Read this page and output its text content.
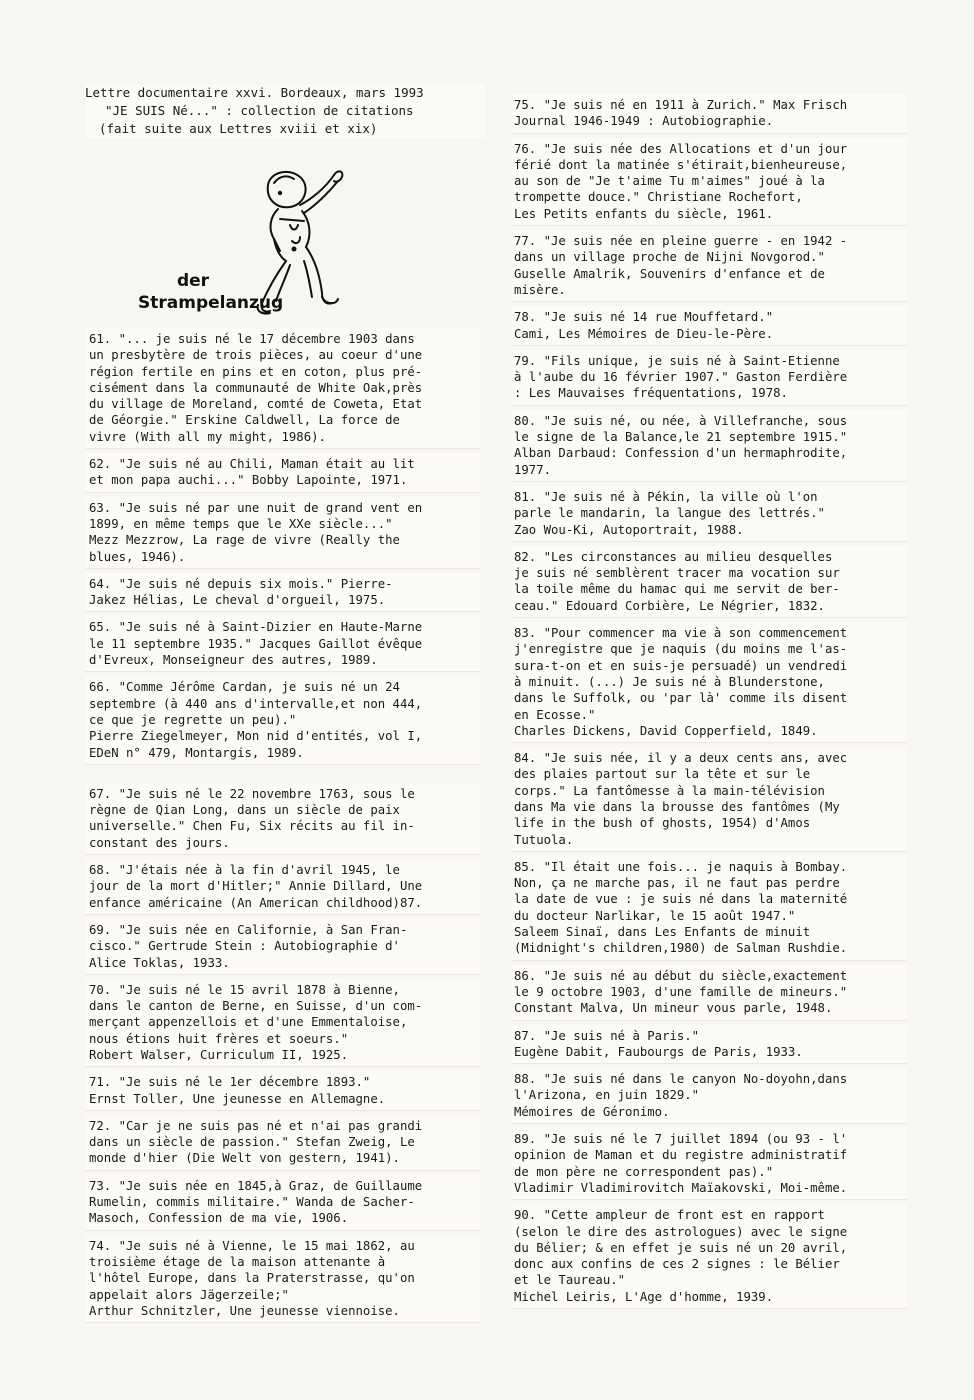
Lettre documentaire xxvi. Bordeaux, mars 1993
"JE SUIS Né..." : collection de citations
(fait suite aux Lettres xviii et xix)
der
Strampelanzug
61. "... je suis né le 17 décembre 1903 dans
un presbytère de trois pièces, au coeur d'une
région fertile en pins et en coton, plus pré-
cisément dans la communauté de White Oak,près
du village de Moreland, comté de Coweta, Etat
de Géorgie." Erskine Caldwell, La force de
vivre (With all my might, 1986).
62. "Je suis né au Chili, Maman était au lit
et mon papa auchi..." Bobby Lapointe, 1971.
63. "Je suis né par une nuit de grand vent en
1899, en même temps que le XXe siècle..."
Mezz Mezzrow, La rage de vivre (Really the
blues, 1946).
64. "Je suis né depuis six mois." Pierre-
Jakez Hélias, Le cheval d'orgueil, 1975.
65. "Je suis né à Saint-Dizier en Haute-Marne
le 11 septembre 1935." Jacques Gaillot évêque
d'Evreux, Monseigneur des autres, 1989.
66. "Comme Jérôme Cardan, je suis né un 24
septembre (à 440 ans d'intervalle,et non 444,
ce que je regrette un peu)."
Pierre Ziegelmeyer, Mon nid d'entités, vol I,
EDeN n° 479, Montargis, 1989.
67. "Je suis né le 22 novembre 1763, sous le
règne de Qian Long, dans un siècle de paix
universelle." Chen Fu, Six récits au fil in-
constant des jours.
68. "J'étais née à la fin d'avril 1945, le
jour de la mort d'Hitler;" Annie Dillard, Une
enfance américaine (An American childhood)87.
69. "Je suis née en Californie, à San Fran-
cisco." Gertrude Stein : Autobiographie d'
Alice Toklas, 1933.
70. "Je suis né le 15 avril 1878 à Bienne,
dans le canton de Berne, en Suisse, d'un com-
merçant appenzellois et d'une Emmentaloise,
nous étions huit frères et soeurs."
Robert Walser, Curriculum II, 1925.
71. "Je suis né le 1er décembre 1893."
Ernst Toller, Une jeunesse en Allemagne.
72. "Car je ne suis pas né et n'ai pas grandi
dans un siècle de passion." Stefan Zweig, Le
monde d'hier (Die Welt von gestern, 1941).
73. "Je suis née en 1845,à Graz, de Guillaume
Rumelin, commis militaire." Wanda de Sacher-
Masoch, Confession de ma vie, 1906.
74. "Je suis né à Vienne, le 15 mai 1862, au
troisième étage de la maison attenante à
l'hôtel Europe, dans la Praterstrasse, qu'on
appelait alors Jägerzeile;"
Arthur Schnitzler, Une jeunesse viennoise.
75. "Je suis né en 1911 à Zurich." Max Frisch
Journal 1946-1949 : Autobiographie.
76. "Je suis née des Allocations et d'un jour
férié dont la matinée s'étirait,bienheureuse,
au son de "Je t'aime Tu m'aimes" joué à la
trompette douce." Christiane Rochefort,
Les Petits enfants du siècle, 1961.
77. "Je suis née en pleine guerre - en 1942 -
dans un village proche de Nijni Novgorod."
Guselle Amalrik, Souvenirs d'enfance et de
misère.
78. "Je suis né 14 rue Mouffetard."
Cami, Les Mémoires de Dieu-le-Père.
79. "Fils unique, je suis né à Saint-Etienne
à l'aube du 16 février 1907." Gaston Ferdière
: Les Mauvaises fréquentations, 1978.
80. "Je suis né, ou née, à Villefranche, sous
le signe de la Balance,le 21 septembre 1915."
Alban Darbaud: Confession d'un hermaphrodite,
1977.
81. "Je suis né à Pékin, la ville où l'on
parle le mandarin, la langue des lettrés."
Zao Wou-Ki, Autoportrait, 1988.
82. "Les circonstances au milieu desquelles
je suis né semblèrent tracer ma vocation sur
la toile même du hamac qui me servit de ber-
ceau." Edouard Corbière, Le Négrier, 1832.
83. "Pour commencer ma vie à son commencement
j'enregistre que je naquis (du moins me l'as-
sura-t-on et en suis-je persuadé) un vendredi
à minuit. (...) Je suis né à Blunderstone,
dans le Suffolk, ou 'par là' comme ils disent
en Ecosse."
Charles Dickens, David Copperfield, 1849.
84. "Je suis née, il y a deux cents ans, avec
des plaies partout sur la tête et sur le
corps." La fantômesse à la main-télévision
dans Ma vie dans la brousse des fantômes (My
life in the bush of ghosts, 1954) d'Amos
Tutuola.
85. "Il était une fois... je naquis à Bombay.
Non, ça ne marche pas, il ne faut pas perdre
la date de vue : je suis né dans la maternité
du docteur Narlikar, le 15 août 1947."
Saleem Sinaï, dans Les Enfants de minuit
(Midnight's children,1980) de Salman Rushdie.
86. "Je suis né au début du siècle,exactement
le 9 octobre 1903, d'une famille de mineurs."
Constant Malva, Un mineur vous parle, 1948.
87. "Je suis né à Paris."
Eugène Dabit, Faubourgs de Paris, 1933.
88. "Je suis né dans le canyon No-doyohn,dans
l'Arizona, en juin 1829."
Mémoires de Géronimo.
89. "Je suis né le 7 juillet 1894 (ou 93 - l'
opinion de Maman et du registre administratif
de mon père ne correspondent pas)."
Vladimir Vladimirovitch Maïakovski, Moi-même.
90. "Cette ampleur de front est en rapport
(selon le dire des astrologues) avec le signe
du Bélier; & en effet je suis né un 20 avril,
donc aux confins de ces 2 signes : le Bélier
et le Taureau."
Michel Leiris, L'Age d'homme, 1939.
